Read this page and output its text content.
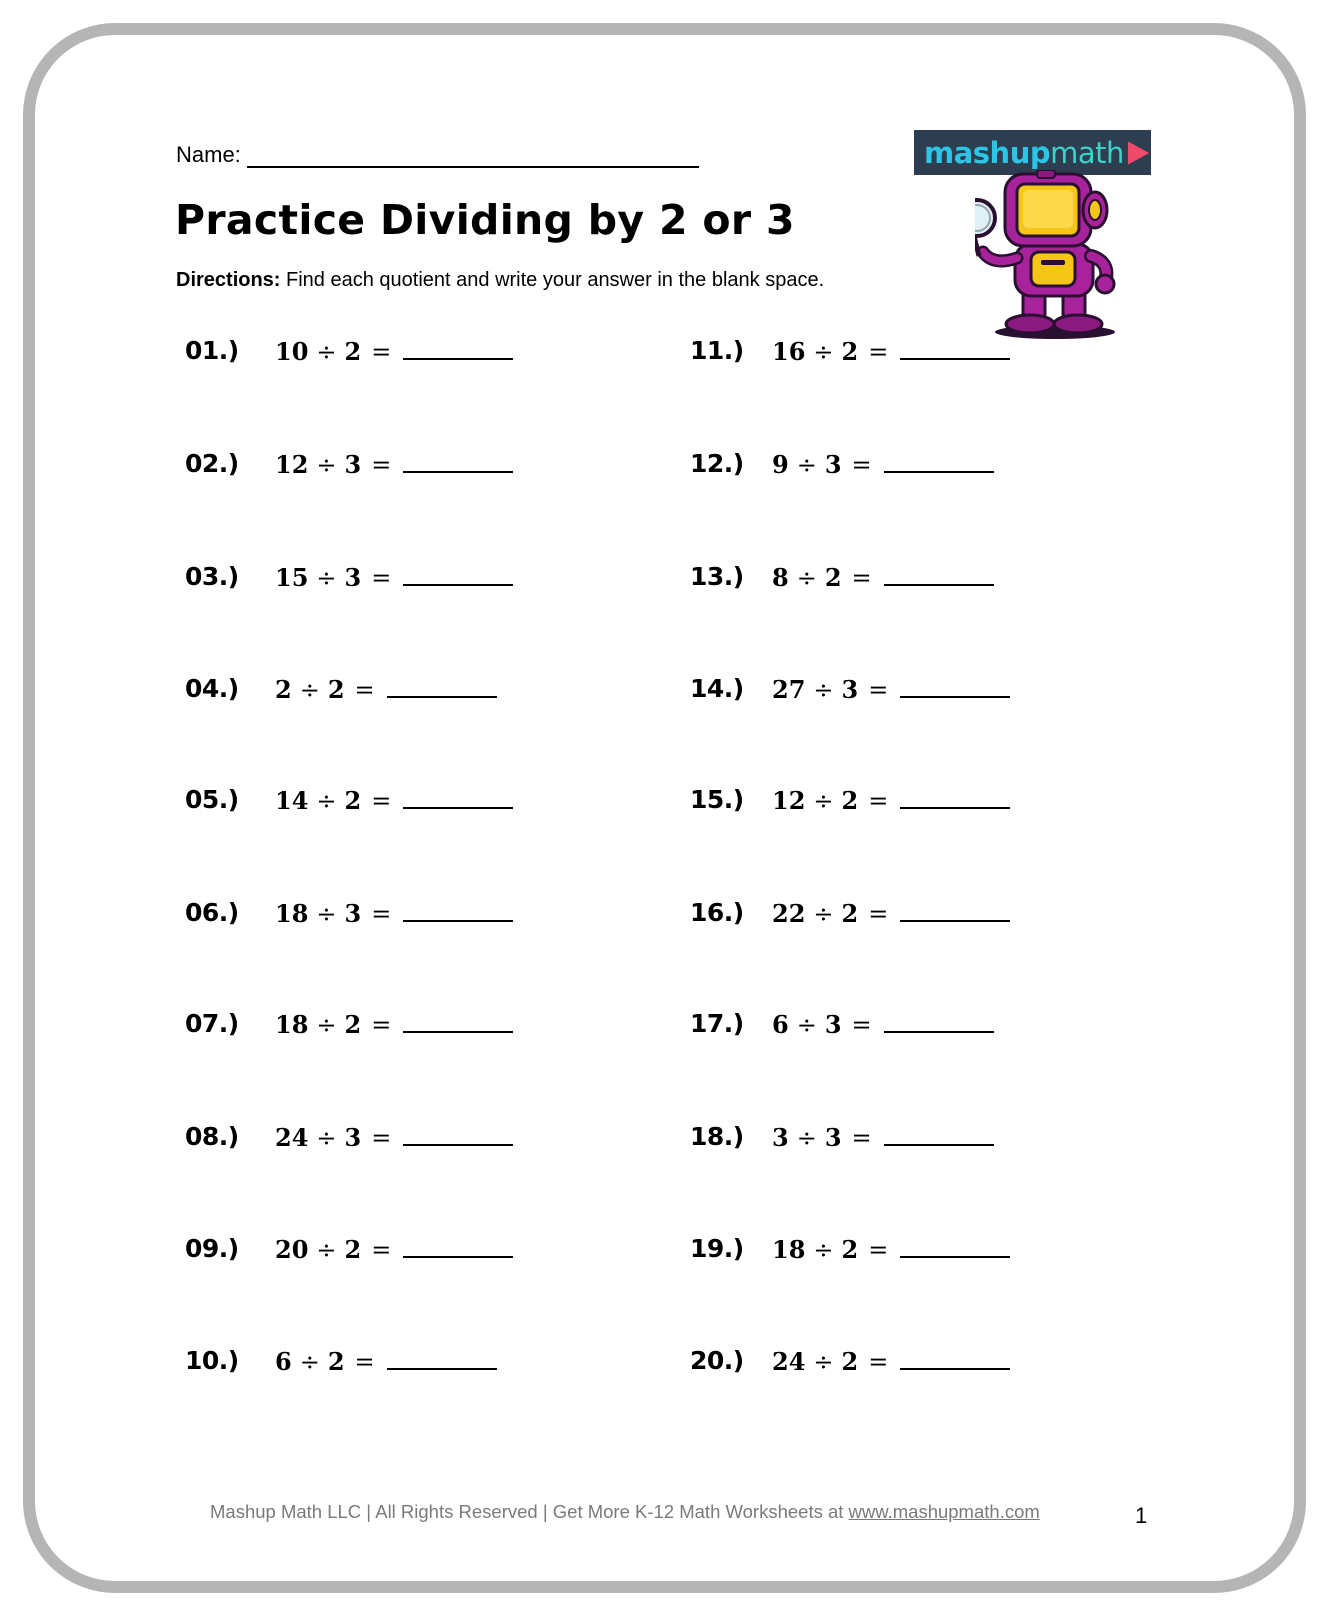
Name:
Practice Dividing by 2 or 3
Directions: Find each quotient and write your answer in the blank space.
mashup math
01.) 10 ÷ 2 =
02.) 12 ÷ 3 =
03.) 15 ÷ 3 =
04.) 2 ÷ 2 =
05.) 14 ÷ 2 =
06.) 18 ÷ 3 =
07.) 18 ÷ 2 =
08.) 24 ÷ 3 =
09.) 20 ÷ 2 =
10.) 6 ÷ 2 =
11.) 16 ÷ 2 =
12.) 9 ÷ 3 =
13.) 8 ÷ 2 =
14.) 27 ÷ 3 =
15.) 12 ÷ 2 =
16.) 22 ÷ 2 =
17.) 6 ÷ 3 =
18.) 3 ÷ 3 =
19.) 18 ÷ 2 =
20.) 24 ÷ 2 =
Mashup Math LLC | All Rights Reserved | Get More K-12 Math Worksheets at www.mashupmath.com	1
